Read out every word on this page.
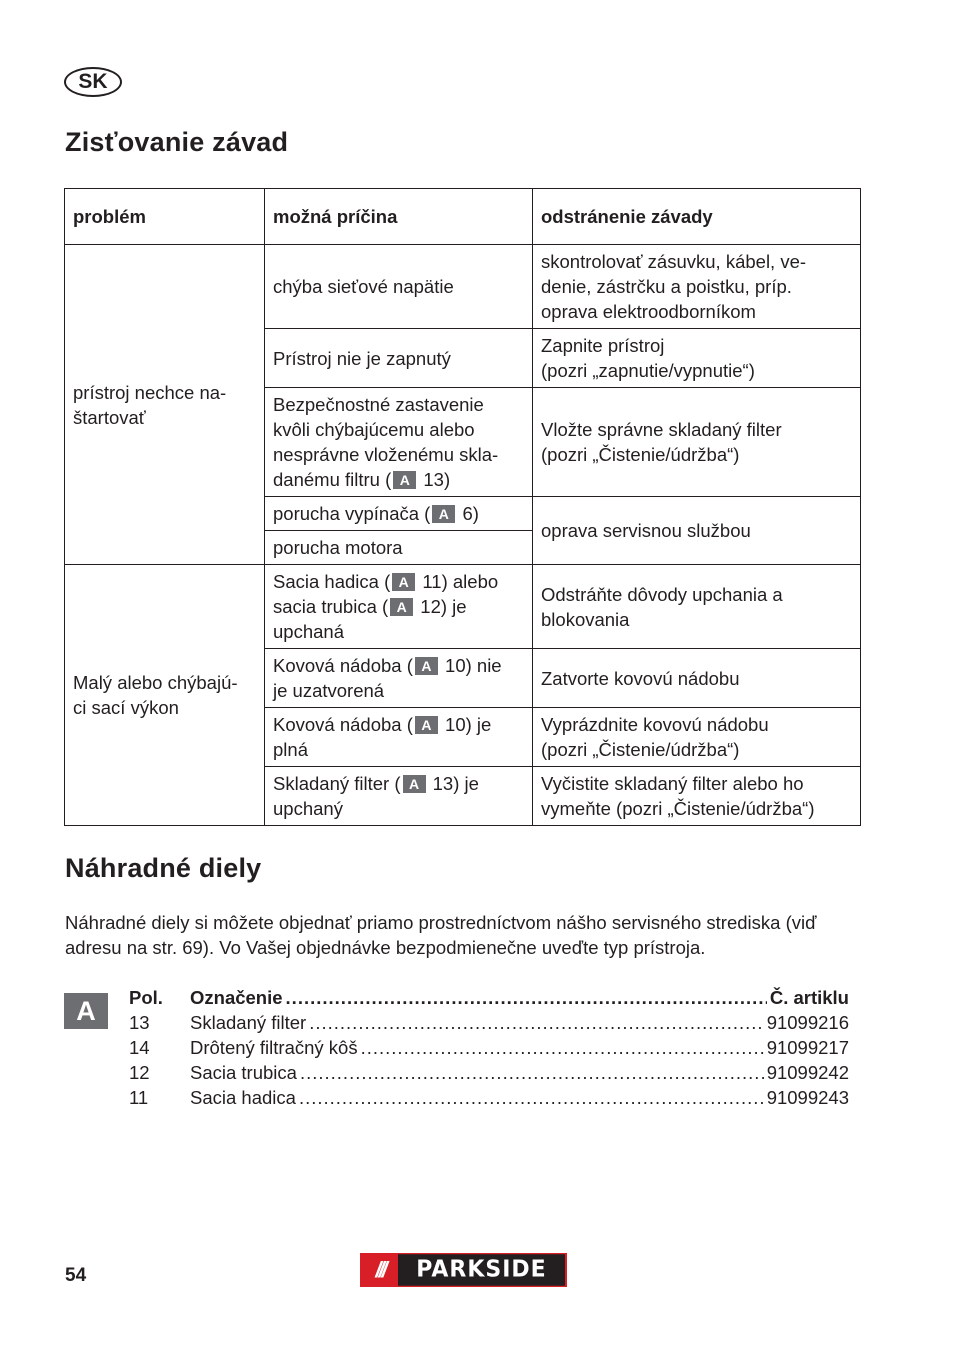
SK
Zisťovanie závad
problém	možná príčina	odstránenie závady
prístroj nechce na-
štartovať	chýba sieťové napätie	skontrolovať zásuvku, kábel, ve-
denie, zástrčku a poistku, príp.
oprava elektroodborníkom
	Prístroj nie je zapnutý	Zapnite prístroj
(pozri „zapnutie/vypnutie“)
	Bezpečnostné zastavenie
kvôli chýbajúcemu alebo
nesprávne vloženému skla-
danému filtru ( A 13)	Vložte správne skladaný filter
(pozri „Čistenie/údržba“)
	porucha vypínača ( A 6)	oprava servisnou službou
	porucha motora	
Malý alebo chýbajú-
ci sací výkon	Sacia hadica ( A 11) alebo
sacia trubica ( A 12) je
upchaná	Odstráňte dôvody upchania a
blokovania
	Kovová nádoba ( A 10) nie
je uzatvorená	Zatvorte kovovú nádobu
	Kovová nádoba ( A 10) je
plná	Vyprázdnite kovovú nádobu
(pozri „Čistenie/údržba“)
	Skladaný filter ( A 13) je
upchaný	Vyčistite skladaný filter alebo ho
vymeňte (pozri „Čistenie/údržba“)
Náhradné diely

Náhradné diely si môžete objednať priamo prostredníctvom nášho servisného strediska (viď adresu na str. 69). Vo Vašej objednávke bezpodmienečne uveďte typ prístroja.

A	Pol.	Označenie .....	Č. artiklu
13	Skladaný filter .....	91099216
14	Drôtený filtračný kôš .....	91099217
12	Sacia trubica .....	91099242
11	Sacia hadica .....	91099243
54	///	PARKSIDE
